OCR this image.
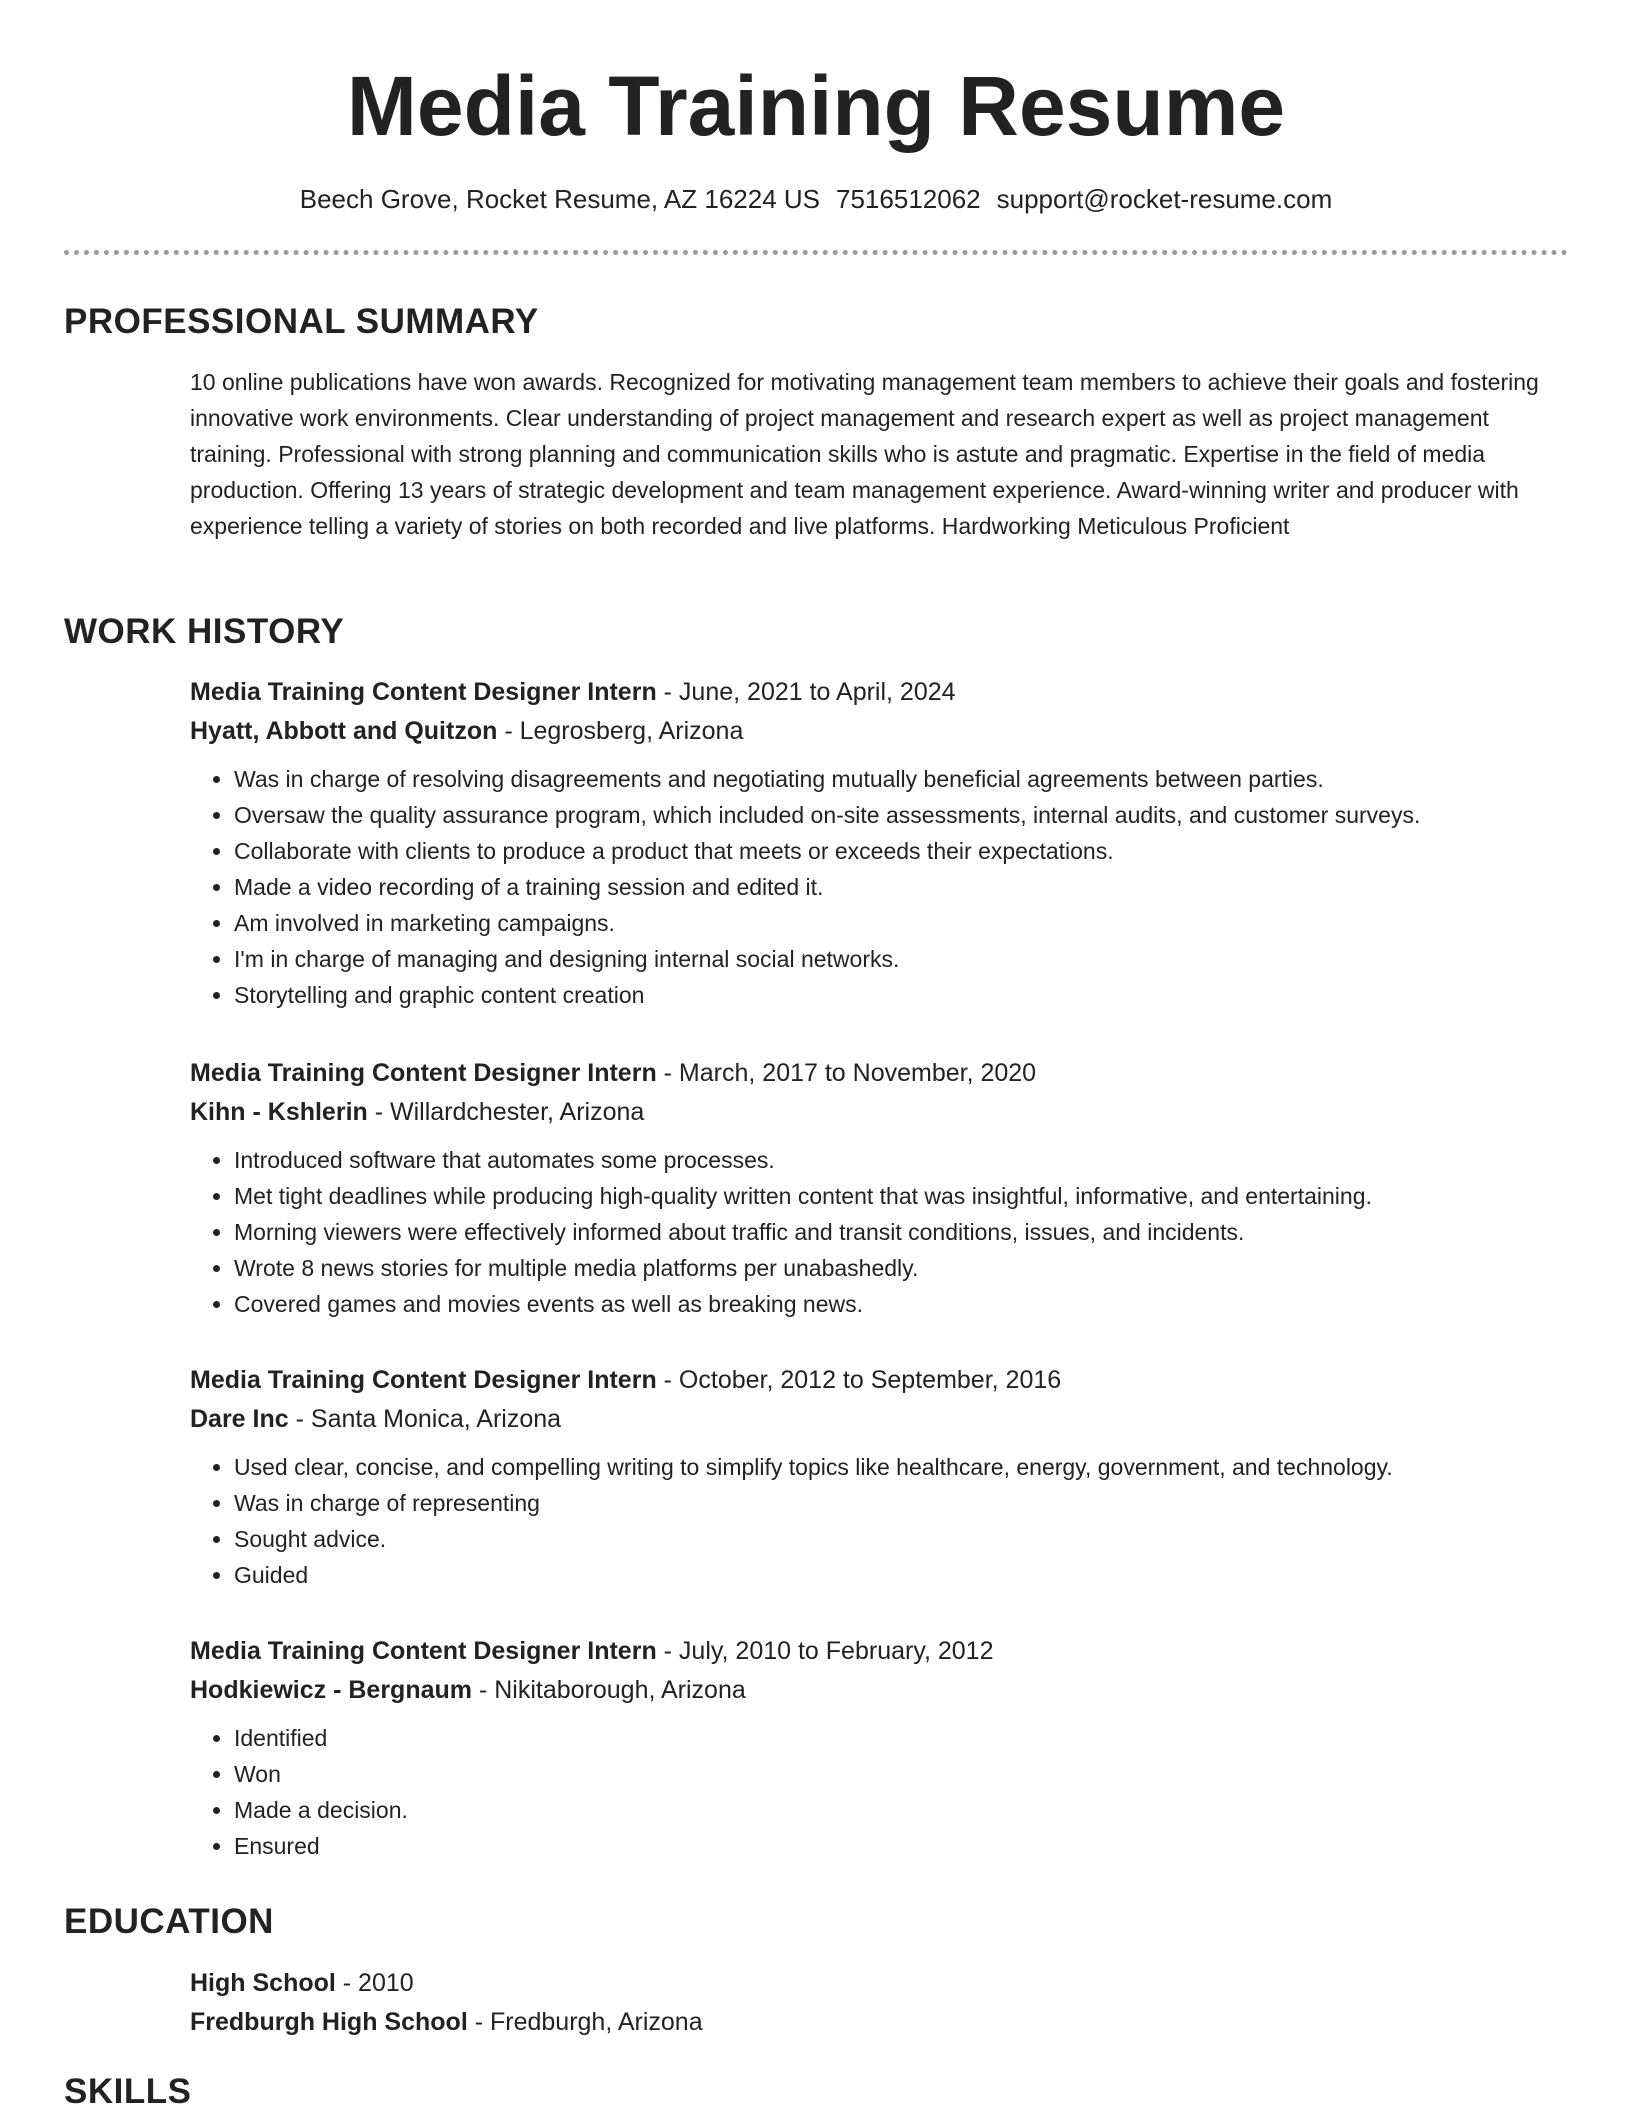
Media Training Resume
Beech Grove, Rocket Resume, AZ 16224 US 7516512062 support@rocket-resume.com
PROFESSIONAL SUMMARY

10 online publications have won awards. Recognized for motivating management team members to achieve their goals and fostering innovative work environments. Clear understanding of project management and research expert as well as project management training. Professional with strong planning and communication skills who is astute and pragmatic. Expertise in the field of media production. Offering 13 years of strategic development and team management experience. Award-winning writer and producer with experience telling a variety of stories on both recorded and live platforms. Hardworking Meticulous Proficient

WORK HISTORY

Media Training Content Designer Intern - June, 2021 to April, 2024

Hyatt, Abbott and Quitzon - Legrosberg, Arizona

• Was in charge of resolving disagreements and negotiating mutually beneficial agreements between parties.
• Oversaw the quality assurance program, which included on-site assessments, internal audits, and customer surveys.
• Collaborate with clients to produce a product that meets or exceeds their expectations.
• Made a video recording of a training session and edited it.
• Am involved in marketing campaigns.
• I'm in charge of managing and designing internal social networks.
• Storytelling and graphic content creation

Media Training Content Designer Intern - March, 2017 to November, 2020

Kihn - Kshlerin - Willardchester, Arizona

• Introduced software that automates some processes.
• Met tight deadlines while producing high-quality written content that was insightful, informative, and entertaining.
• Morning viewers were effectively informed about traffic and transit conditions, issues, and incidents.
• Wrote 8 news stories for multiple media platforms per unabashedly.
• Covered games and movies events as well as breaking news.

Media Training Content Designer Intern - October, 2012 to September, 2016

Dare Inc - Santa Monica, Arizona

• Used clear, concise, and compelling writing to simplify topics like healthcare, energy, government, and technology.
• Was in charge of representing
• Sought advice.
• Guided

Media Training Content Designer Intern - July, 2010 to February, 2012

Hodkiewicz - Bergnaum - Nikitaborough, Arizona

• Identified
• Won
• Made a decision.
• Ensured
EDUCATION

High School - 2010

Fredburgh High School - Fredburgh, Arizona

SKILLS
